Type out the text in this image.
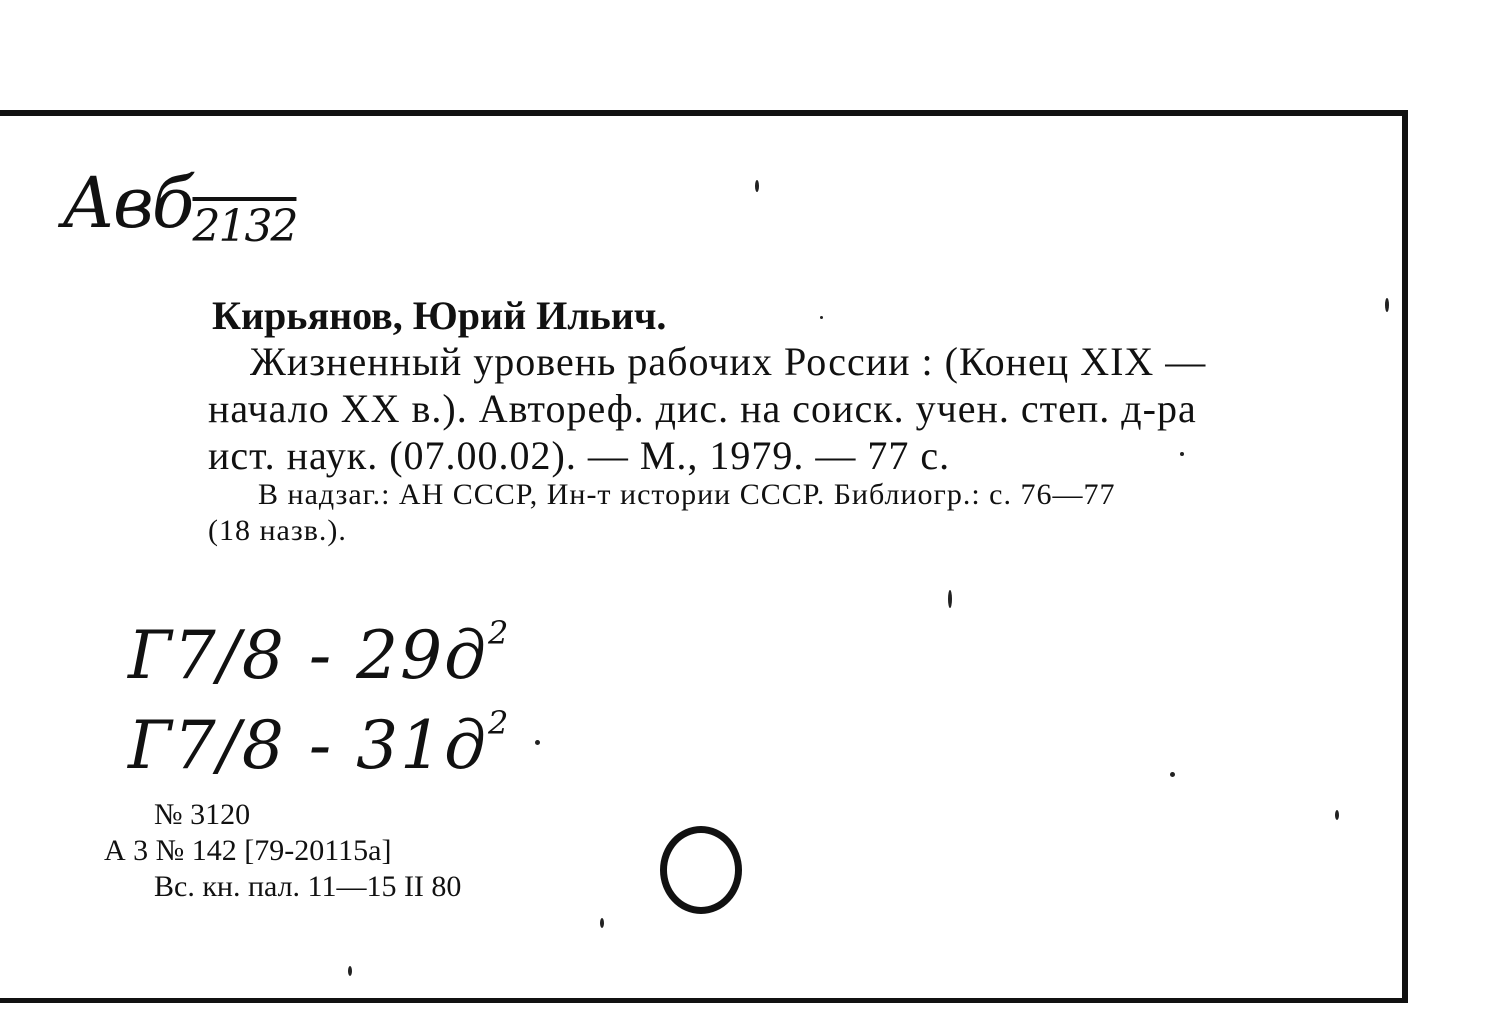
Авб$_{2132}$
Кирьянов, Юрий Ильич.
Жизненный уровень рабочих России : (Конец XIX —
начало XX в.). Автореф. дис. на соиск. учен. степ. д-ра
ист. наук. (07.00.02). — М., 1979. — 77 с.
В надзаг.: АН СССР, Ин-т истории СССР. Библиогр.: с. 76—77
(18 назв.).
$Г7/8 - 29д^2$
$Г7/8 - 31д^2$
№ 3120
А 3 № 142 [79-20115а]
Вс. кн. пал. 11—15 II 80
